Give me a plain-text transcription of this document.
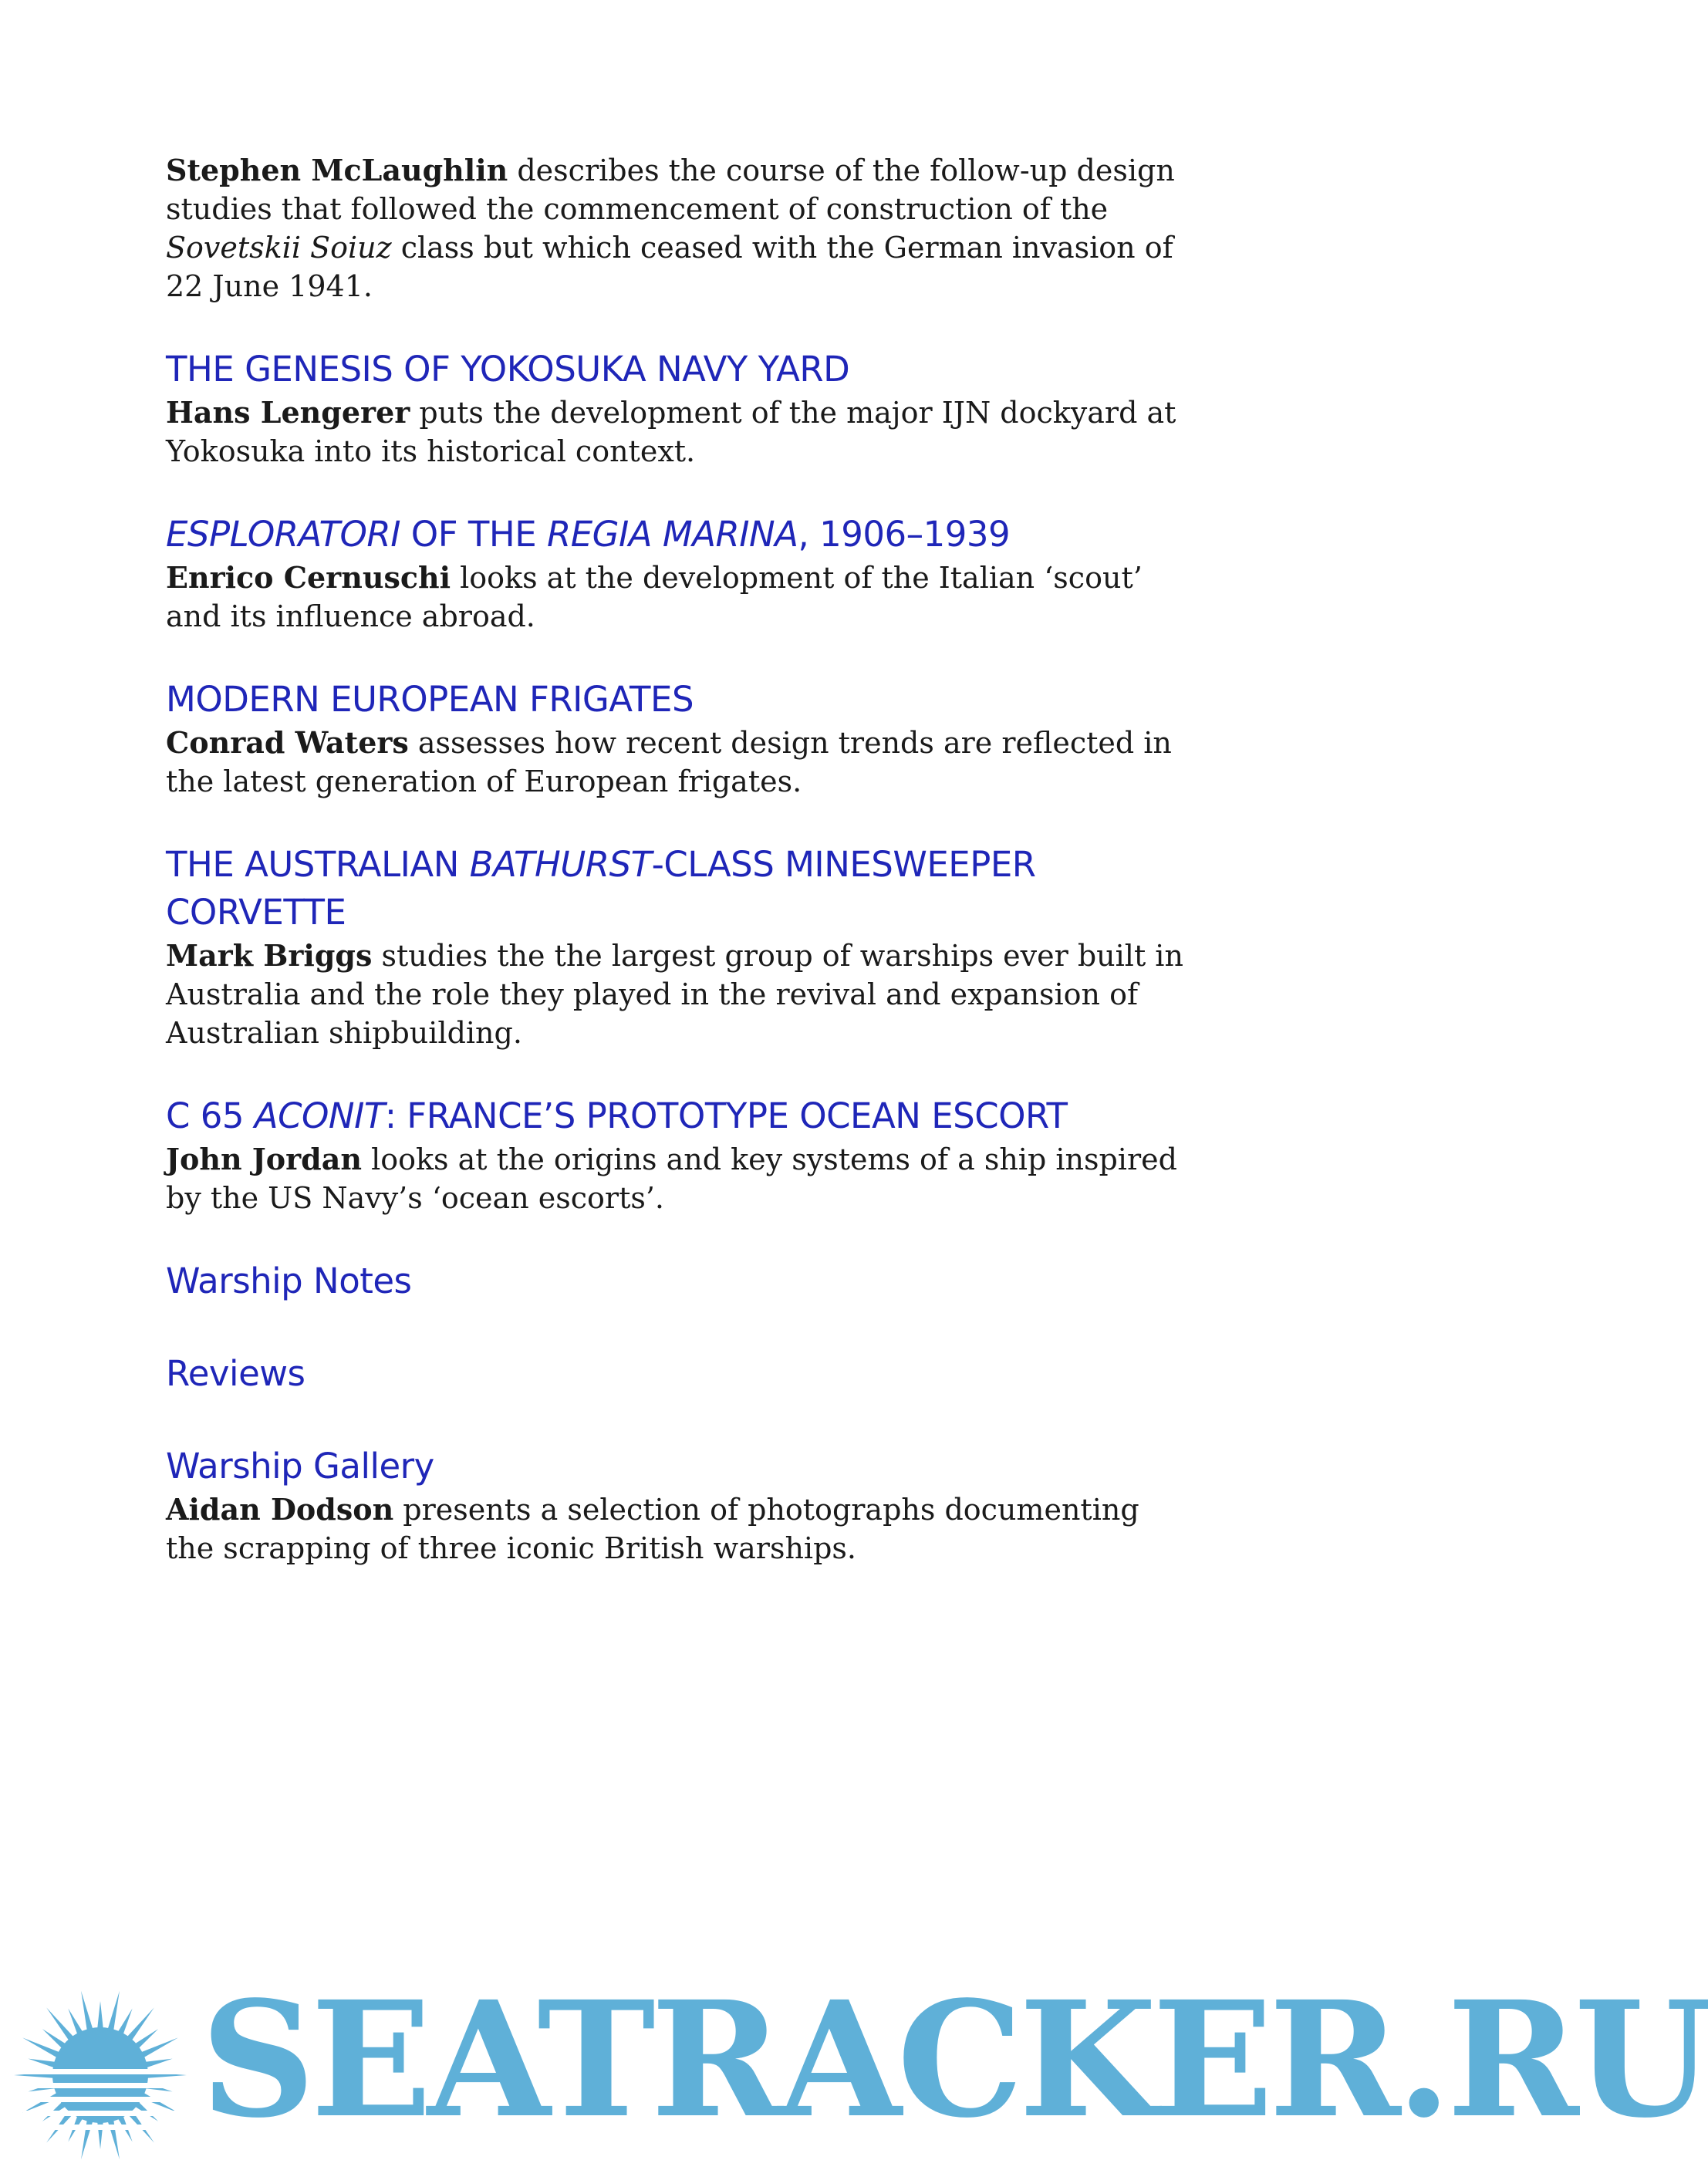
Stephen McLaughlin describes the course of the follow-up design studies that followed the commencement of construction of the Sovetskii Soiuz class but which ceased with the German invasion of 22 June 1941.

THE GENESIS OF YOKOSUKA NAVY YARD

Hans Lengerer puts the development of the major IJN dockyard at Yokosuka into its historical context.

ESPLORATORI OF THE REGIA MARINA, 1906–1939

Enrico Cernuschi looks at the development of the Italian ‘scout’ and its influence abroad.

MODERN EUROPEAN FRIGATES

Conrad Waters assesses how recent design trends are reflected in the latest generation of European frigates.

THE AUSTRALIAN BATHURST-CLASS MINESWEEPER CORVETTE

Mark Briggs studies the the largest group of warships ever built in Australia and the role they played in the revival and expansion of Australian shipbuilding.

C 65 ACONIT: FRANCE’S PROTOTYPE OCEAN ESCORT

John Jordan looks at the origins and key systems of a ship inspired by the US Navy’s ‘ocean escorts’.

Warship Notes
Reviews
Warship Gallery

Aidan Dodson presents a selection of photographs documenting the scrapping of three iconic British warships.

SEATRACKER.RU
